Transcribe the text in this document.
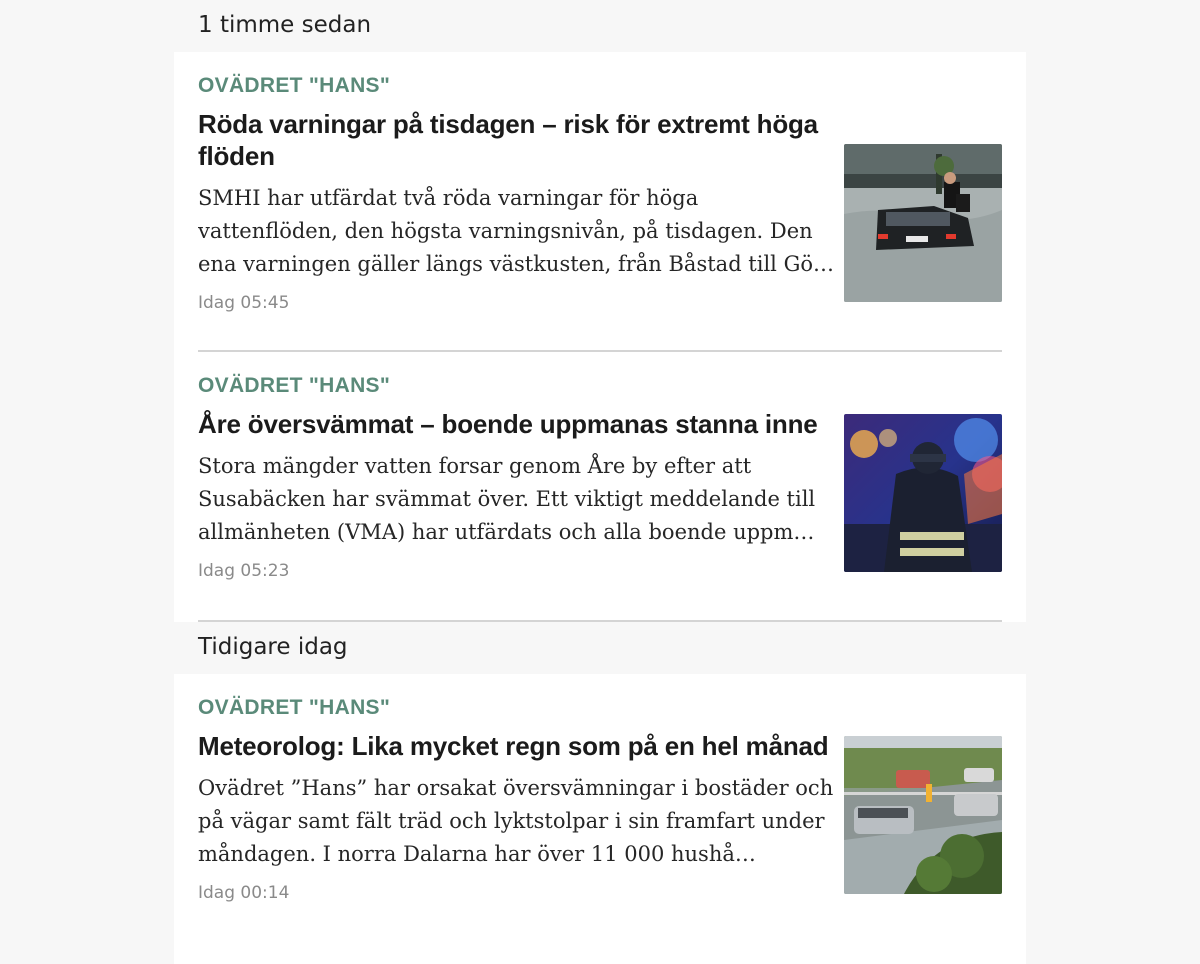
1 timme sedan
OVÄDRET "HANS"
Röda varningar på tisdagen – risk för extremt höga flöden

SMHI har utfärdat två röda varningar för höga vattenflöden, den högsta varningsnivån, på tisdagen. Den ena varningen gäller längs västkusten, från Båstad till Gö…

Idag 05:45
OVÄDRET "HANS"
Åre översvämmat – boende uppmanas stanna inne

Stora mängder vatten forsar genom Åre by efter att Susabäcken har svämmat över. Ett viktigt meddelande till allmänheten (VMA) har utfärdats och alla boende uppm…

Idag 05:23
Tidigare idag
OVÄDRET "HANS"
Meteorolog: Lika mycket regn som på en hel månad

Ovädret ”Hans” har orsakat översvämningar i bostäder och på vägar samt fält träd och lyktstolpar i sin framfart under måndagen. I norra Dalarna har över 11 000 hushå…

Idag 00:14
